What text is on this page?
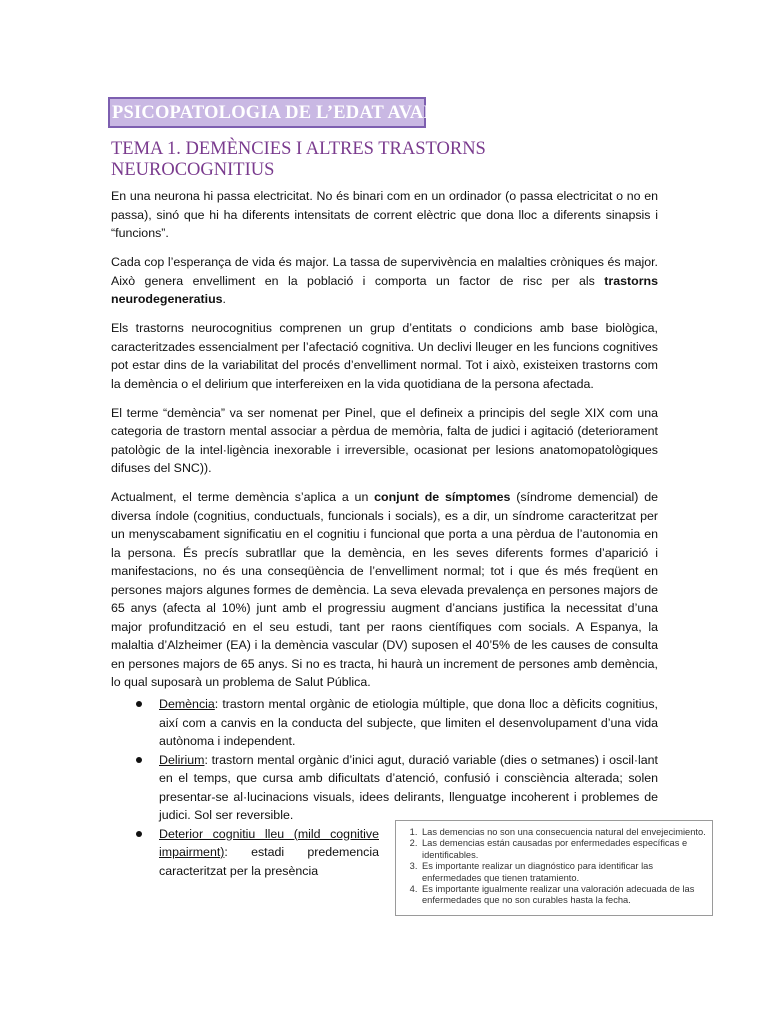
PSICOPATOLOGIA DE L’EDAT AVANÇADA
TEMA 1. DEMÈNCIES I ALTRES TRASTORNS NEUROCOGNITIUS

En una neurona hi passa electricitat. No és binari com en un ordinador (o passa electricitat o no en passa), sinó que hi ha diferents intensitats de corrent elèctric que dona lloc a diferents sinapsis i “funcions”.

Cada cop l’esperança de vida és major. La tassa de supervivència en malalties cròniques és major. Això genera envelliment en la població i comporta un factor de risc per als trastorns neurodegeneratius.

Els trastorns neurocognitius comprenen un grup d’entitats o condicions amb base biològica, caracteritzades essencialment per l’afectació cognitiva. Un declivi lleuger en les funcions cognitives pot estar dins de la variabilitat del procés d’envelliment normal. Tot i això, existeixen trastorns com la demència o el delirium que interfereixen en la vida quotidiana de la persona afectada.

El terme “demència” va ser nomenat per Pinel, que el defineix a principis del segle XIX com una categoria de trastorn mental associar a pèrdua de memòria, falta de judici i agitació (deteriorament patològic de la intel·ligència inexorable i irreversible, ocasionat per lesions anatomopatològiques difuses del SNC)).

Actualment, el terme demència s’aplica a un conjunt de símptomes (síndrome demencial) de diversa índole (cognitius, conductuals, funcionals i socials), es a dir, un síndrome caracteritzat per un menyscabament significatiu en el cognitiu i funcional que porta a una pèrdua de l’autonomia en la persona. És precís subratllar que la demència, en les seves diferents formes d’aparició i manifestacions, no és una conseqüència de l’envelliment normal; tot i que és més freqüent en persones majors algunes formes de demència. La seva elevada prevalença en persones majors de 65 anys (afecta al 10%) junt amb el progressiu augment d’ancians justifica la necessitat d’una major profundització en el seu estudi, tant per raons científiques com socials. A Espanya, la malaltia d’Alzheimer (EA) i la demència vascular (DV) suposen el 40’5% de les causes de consulta en persones majors de 65 anys. Si no es tracta, hi haurà un increment de persones amb demència, lo qual suposarà un problema de Salut Pública.

Demència: trastorn mental orgànic de etiologia múltiple, que dona lloc a dèficits cognitius, així com a canvis en la conducta del subjecte, que limiten el desenvolupament d’una vida autònoma i independent.
Delirium: trastorn mental orgànic d’inici agut, duració variable (dies o setmanes) i oscil·lant en el temps, que cursa amb dificultats d’atenció, confusió i consciència alterada; solen presentar-se al·lucinacions visuals, idees delirants, llenguatge incoherent i problemes de judici. Sol ser reversible.
Deterior cognitiu lleu (mild cognitive impairment): estadi predemencia caracteritzat per la presència
1. Las demencias no son una consecuencia natural del envejecimiento.
2. Las demencias están causadas por enfermedades específicas e identificables.
3. Es importante realizar un diagnóstico para identificar las enfermedades que tienen tratamiento.
4. Es importante igualmente realizar una valoración adecuada de las enfermedades que no son curables hasta la fecha.
